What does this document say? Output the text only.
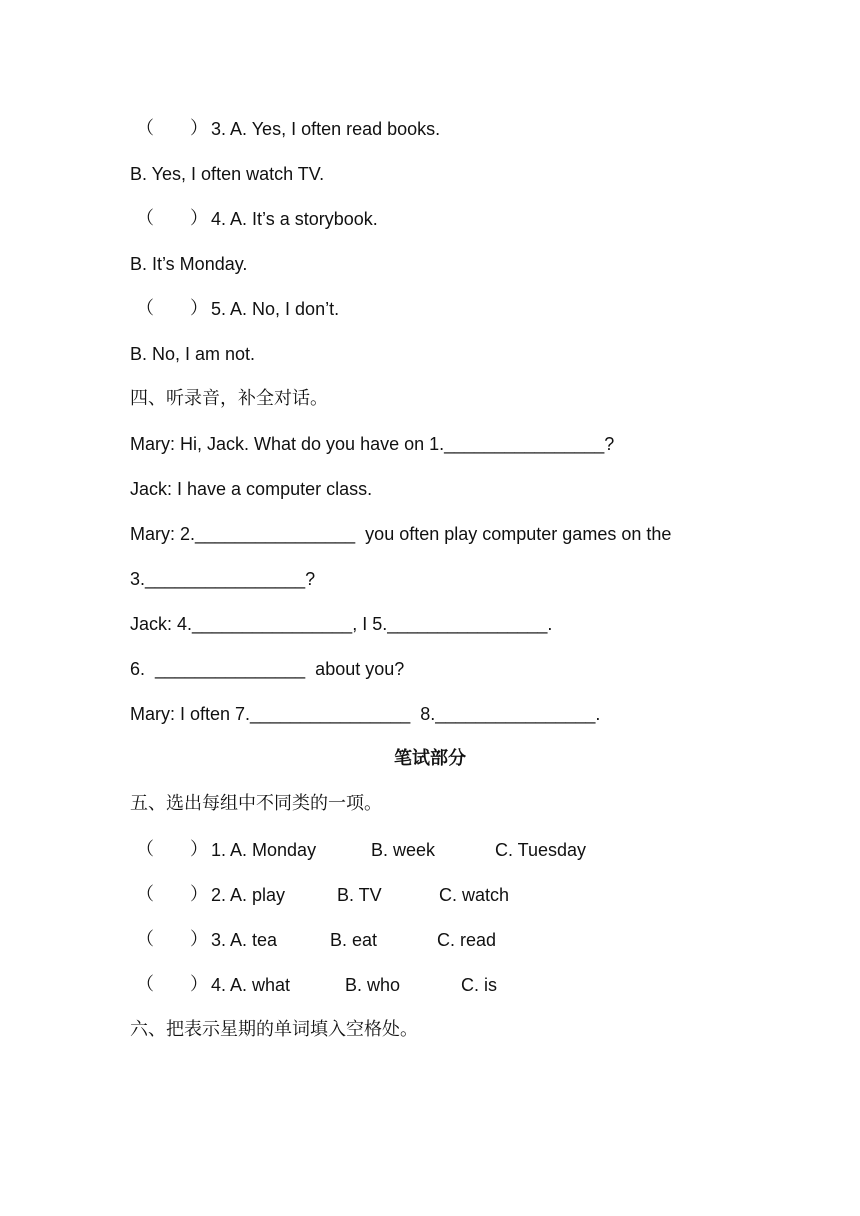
（　　） 3. A. Yes, I often read books.
B. Yes, I often watch TV.
（　　） 4. A. It’s a storybook.
B. It’s Monday.
（　　） 5. A. No, I don’t.
B. No, I am not.
四、听录音，补全对话。
Mary: Hi, Jack. What do you have on 1.________________?
Jack: I have a computer class.
Mary: 2.________________  you often play computer games on the
3.________________?
Jack: 4.________________, I 5.________________.
6.  _______________  about you?
Mary: I often 7.________________  8.________________.
笔试部分
五、选出每组中不同类的一项。
（　　） 1. A. Monday	B. week	C. Tuesday
（　　） 2. A. play	B. TV	C. watch
（　　） 3. A. tea	B. eat	C. read
（　　） 4. A. what	B. who	C. is
六、把表示星期的单词填入空格处。
